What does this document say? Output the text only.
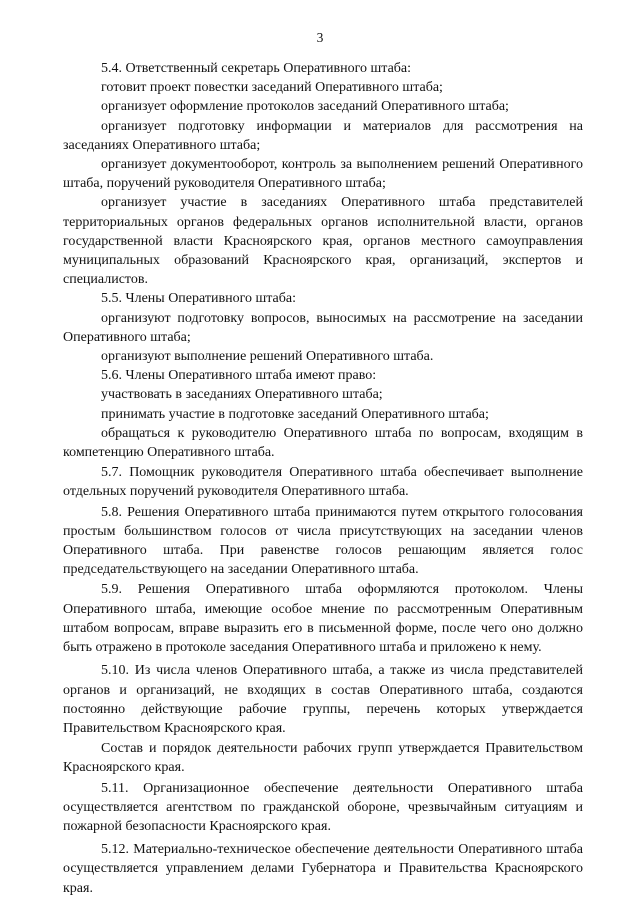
3

5.4. Ответственный секретарь Оперативного штаба:

готовит проект повестки заседаний Оперативного штаба;

организует оформление протоколов заседаний Оперативного штаба;

организует подготовку информации и материалов для рассмотрения на заседаниях Оперативного штаба;

организует документооборот, контроль за выполнением решений Оперативного штаба, поручений руководителя Оперативного штаба;

организует участие в заседаниях Оперативного штаба представителей территориальных органов федеральных органов исполнительной власти, органов государственной власти Красноярского края, органов местного самоуправления муниципальных образований Красноярского края, организаций, экспертов и специалистов.

5.5. Члены Оперативного штаба:

организуют подготовку вопросов, выносимых на рассмотрение на заседании Оперативного штаба;

организуют выполнение решений Оперативного штаба.

5.6. Члены Оперативного штаба имеют право:

участвовать в заседаниях Оперативного штаба;

принимать участие в подготовке заседаний Оперативного штаба;

обращаться к руководителю Оперативного штаба по вопросам, входящим в компетенцию Оперативного штаба.

5.7. Помощник руководителя Оперативного штаба обеспечивает выполнение отдельных поручений руководителя Оперативного штаба.

5.8. Решения Оперативного штаба принимаются путем открытого голосования простым большинством голосов от числа присутствующих на заседании членов Оперативного штаба. При равенстве голосов решающим является голос председательствующего на заседании Оперативного штаба.

5.9. Решения Оперативного штаба оформляются протоколом. Члены Оперативного штаба, имеющие особое мнение по рассмотренным Оперативным штабом вопросам, вправе выразить его в письменной форме, после чего оно должно быть отражено в протоколе заседания Оперативного штаба и приложено к нему.

5.10. Из числа членов Оперативного штаба, а также из числа представителей органов и организаций, не входящих в состав Оперативного штаба, создаются постоянно действующие рабочие группы, перечень которых утверждается Правительством Красноярского края.

Состав и порядок деятельности рабочих групп утверждается Правительством Красноярского края.

5.11. Организационное обеспечение деятельности Оперативного штаба осуществляется агентством по гражданской обороне, чрезвычайным ситуациям и пожарной безопасности Красноярского края.

5.12. Материально-техническое обеспечение деятельности Оперативного штаба осуществляется управлением делами Губернатора и Правительства Красноярского края.
